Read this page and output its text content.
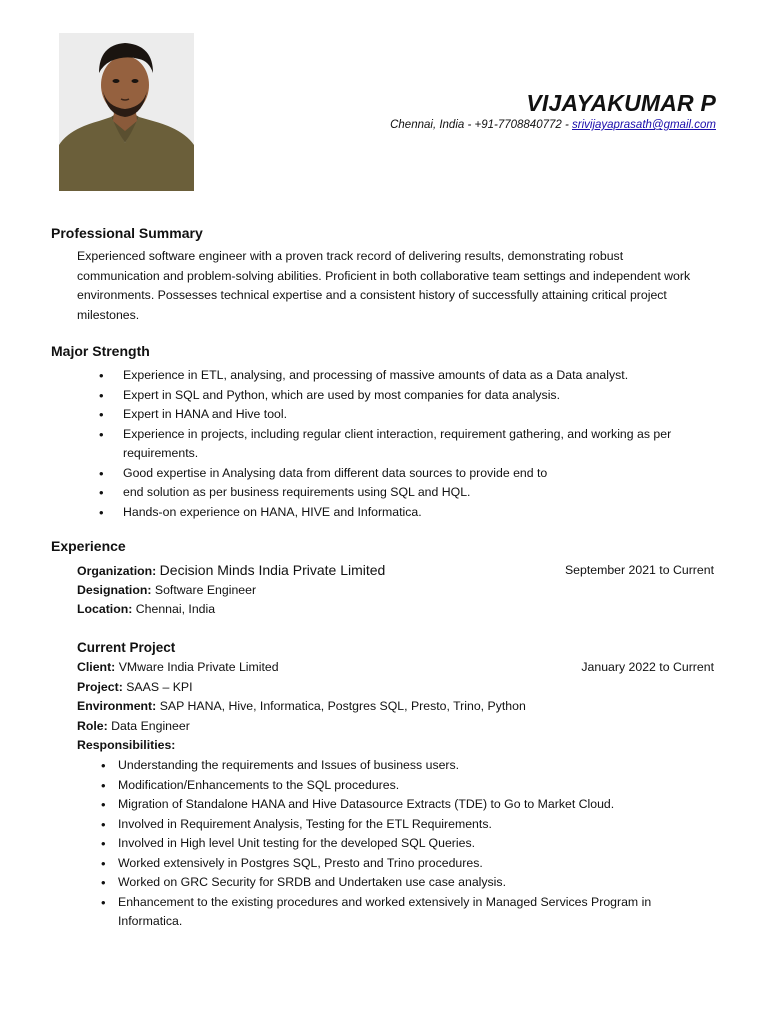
VIJAYAKUMAR P
Chennai, India - +91-7708840772 - srivijayaprasath@gmail.com
Professional Summary
Experienced software engineer with a proven track record of delivering results, demonstrating robust communication and problem-solving abilities. Proficient in both collaborative team settings and independent work environments. Possesses technical expertise and a consistent history of successfully attaining critical project milestones.
Major Strength
• Experience in ETL, analysing, and processing of massive amounts of data as a Data analyst.
• Expert in SQL and Python, which are used by most companies for data analysis.
• Expert in HANA and Hive tool.
• Experience in projects, including regular client interaction, requirement gathering, and working as per requirements.
• Good expertise in Analysing data from different data sources to provide end to
• end solution as per business requirements using SQL and HQL.
• Hands-on experience on HANA, HIVE and Informatica.
Experience
Organization: Decision Minds India Private Limited	September 2021 to Current
Designation: Software Engineer
Location: Chennai, India
Current Project
Client: VMware India Private Limited	January 2022 to Current
Project: SAAS – KPI
Environment: SAP HANA, Hive, Informatica, Postgres SQL, Presto, Trino, Python
Role: Data Engineer
Responsibilities:
• Understanding the requirements and Issues of business users.
• Modification/Enhancements to the SQL procedures.
• Migration of Standalone HANA and Hive Datasource Extracts (TDE) to Go to Market Cloud.
• Involved in Requirement Analysis, Testing for the ETL Requirements.
• Involved in High level Unit testing for the developed SQL Queries.
• Worked extensively in Postgres SQL, Presto and Trino procedures.
• Worked on GRC Security for SRDB and Undertaken use case analysis.
• Enhancement to the existing procedures and worked extensively in Managed Services Program in Informatica.
